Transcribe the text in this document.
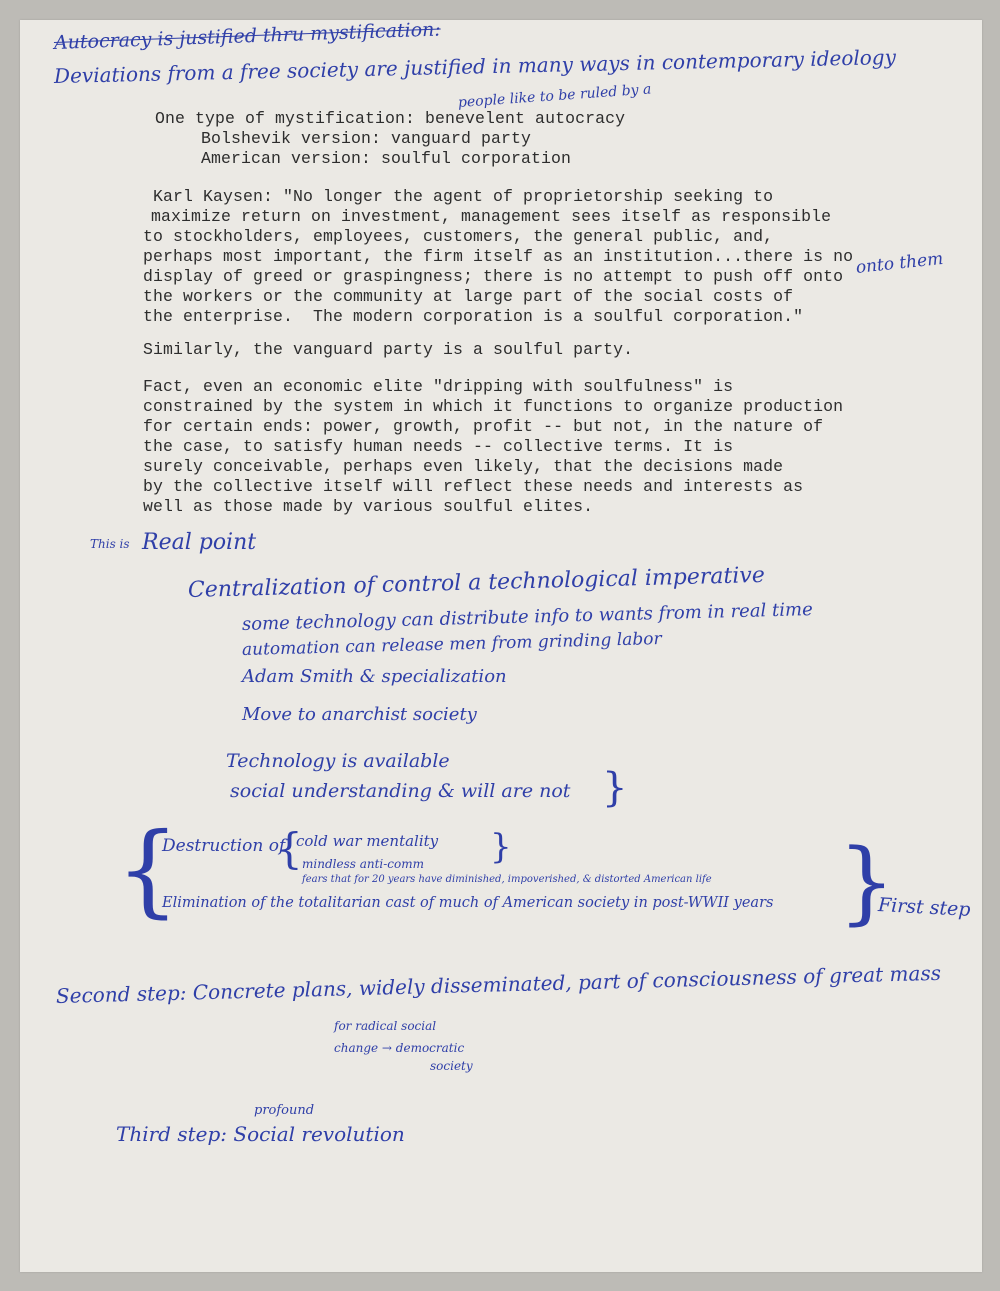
Autocracy is justified thru mystification:
Deviations from a free society are justified in many ways in contemporary ideology
people like to be ruled by a
One type of mystification: benevelent autocracy
Bolshevik version: vanguard party
American version: soulful corporation
Karl Kaysen: "No longer the agent of proprietorship seeking to
maximize return on investment, management sees itself as responsible
to stockholders, employees, customers, the general public, and,
perhaps most important, the firm itself as an institution...there is no
display of greed or graspingness; there is no attempt to push off onto
the workers or the community at large part of the social costs of
the enterprise.  The modern corporation is a soulful corporation."
onto them
Similarly, the vanguard party is a soulful party.
Fact, even an economic elite "dripping with soulfulness" is
constrained by the system in which it functions to organize production
for certain ends: power, growth, profit -- but not, in the nature of
the case, to satisfy human needs -- collective terms. It is
surely conceivable, perhaps even likely, that the decisions made
by the collective itself will reflect these needs and interests as
well as those made by various soulful elites.
This is Real point
Centralization of control a technological imperative
some technology can distribute info to wants from in real time
automation can release men from grinding labor
Adam Smith & specialization
Move to anarchist society
Technology is available
social understanding & will are not }
{
Destruction of
{
cold war mentality
mindless anti-comm }
fears that for 20 years have diminished, impoverished, & distorted American life
Elimination of the totalitarian cast of much of American society in post-WWII years }
First step
Second step: Concrete plans, widely disseminated, part of consciousness of great mass
for radical social
change → democratic
society
profound
Third step: Social revolution
